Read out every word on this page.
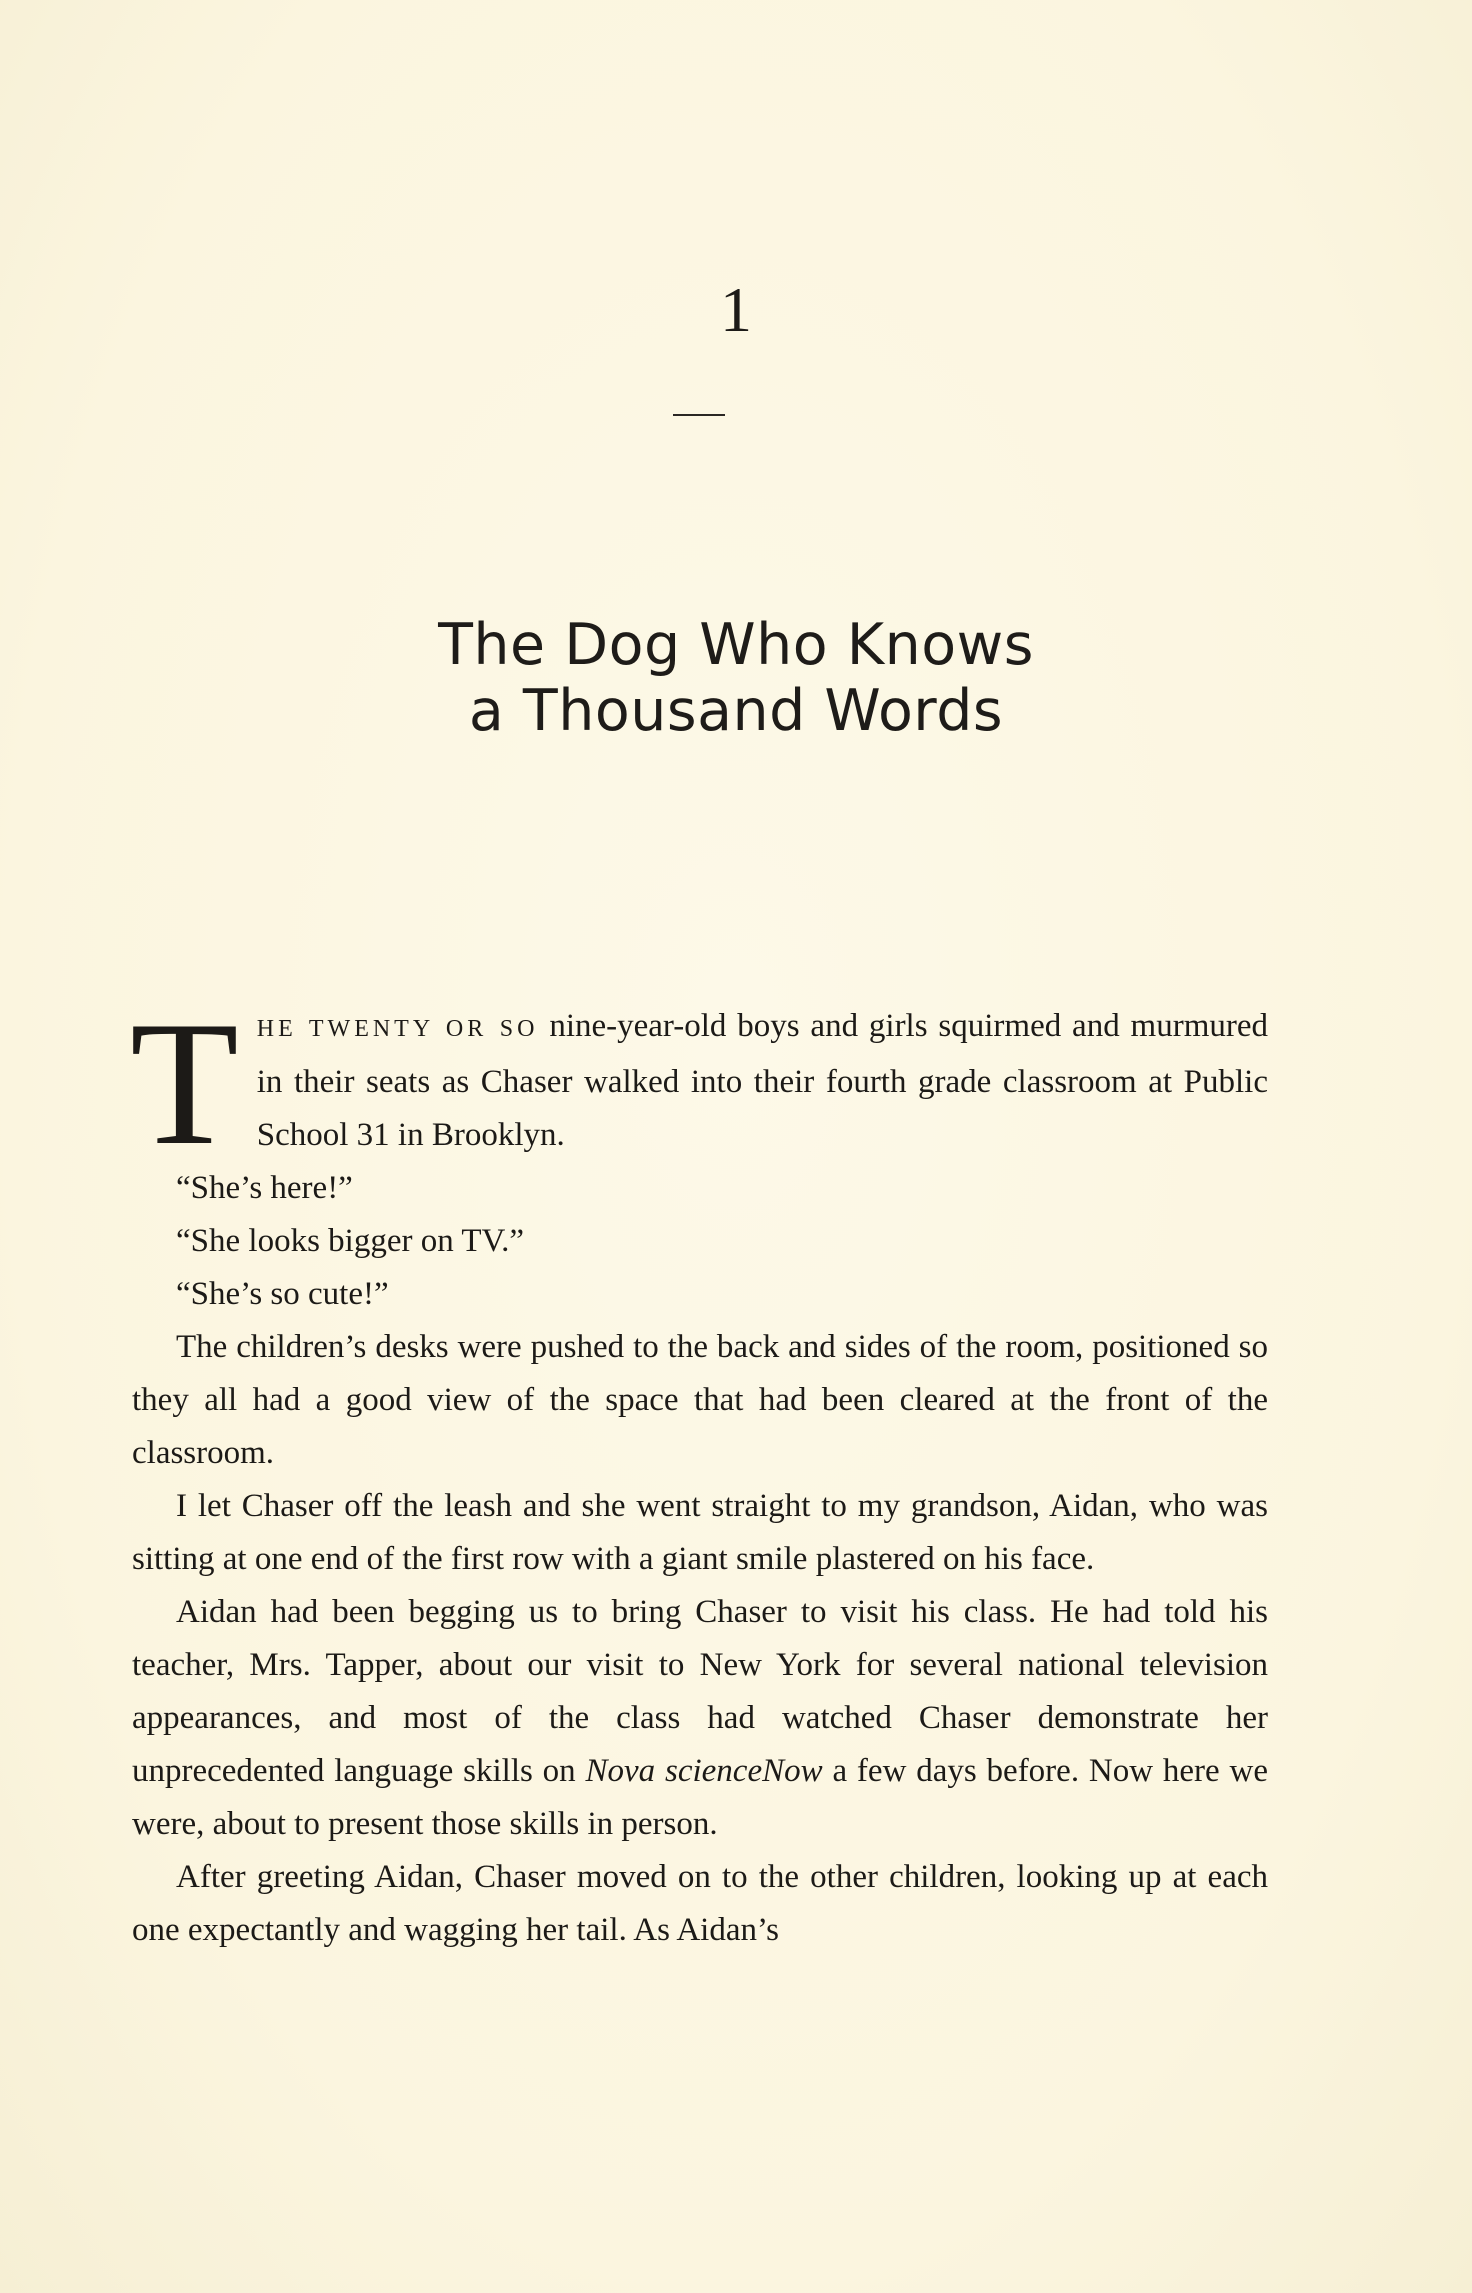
1
The Dog Who Knows
a Thousand Words

THE TWENTY OR SO nine-year-old boys and girls squirmed and murmured in their seats as Chaser walked into their fourth grade classroom at Public School 31 in Brooklyn.

“She’s here!”

“She looks bigger on TV.”

“She’s so cute!”

The children’s desks were pushed to the back and sides of the room, positioned so they all had a good view of the space that had been cleared at the front of the classroom.

I let Chaser off the leash and she went straight to my grandson, Aidan, who was sitting at one end of the first row with a giant smile plastered on his face.

Aidan had been begging us to bring Chaser to visit his class. He had told his teacher, Mrs. Tapper, about our visit to New York for several national television appearances, and most of the class had watched Chaser demonstrate her unprecedented language skills on Nova scienceNow a few days before. Now here we were, about to present those skills in person.

After greeting Aidan, Chaser moved on to the other children, looking up at each one expectantly and wagging her tail. As Aidan’s
